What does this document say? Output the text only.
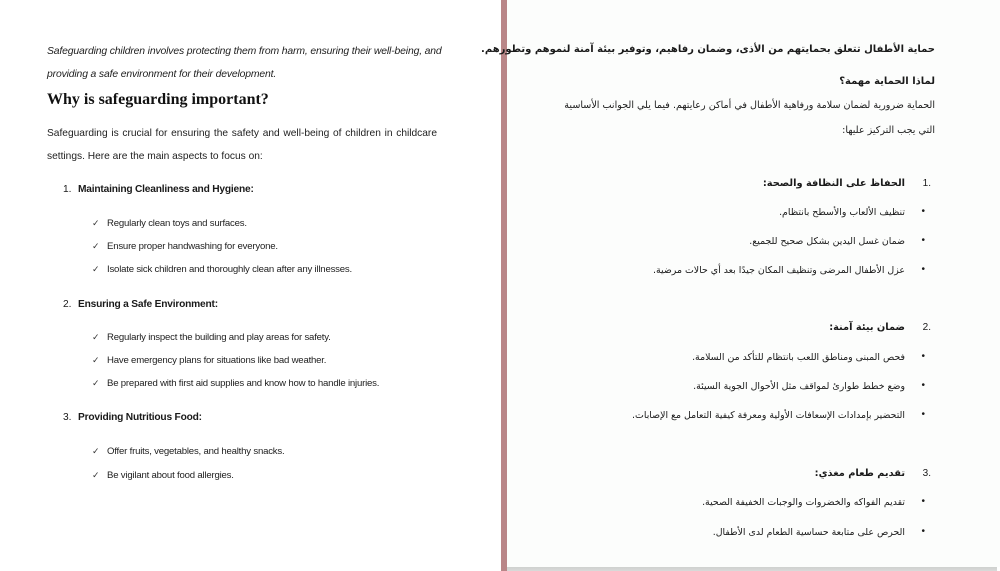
Safeguarding children involves protecting them from harm, ensuring their well-being, and providing a safe environment for their development.

Why is safeguarding important?

Safeguarding is crucial for ensuring the safety and well-being of children in childcare settings. Here are the main aspects to focus on:

1. Maintaining Cleanliness and Hygiene:
✓ Regularly clean toys and surfaces.
✓ Ensure proper handwashing for everyone.
✓ Isolate sick children and thoroughly clean after any illnesses.
2. Ensuring a Safe Environment:
✓ Regularly inspect the building and play areas for safety.
✓ Have emergency plans for situations like bad weather.
✓ Be prepared with first aid supplies and know how to handle injuries.
3. Providing Nutritious Food:
✓ Offer fruits, vegetables, and healthy snacks.
✓ Be vigilant about food allergies.

حماية الأطفال تتعلق بحمايتهم من الأذى، وضمان رفاهيم، وتوفير بيئة آمنة لنموهم وتطورهم.

لماذا الحماية مهمة؟

الحماية ضرورية لضمان سلامة ورفاهية الأطفال في أماكن رعايتهم. فيما يلي الجوانب الأساسية التي يجب التركيز عليها:

1.
الحفاظ على النظافة والصحة:
•
تنظيف الألعاب والأسطح بانتظام.
•
ضمان غسل اليدين بشكل صحيح للجميع.
•
عزل الأطفال المرضى وتنظيف المكان جيدًا بعد أي حالات مرضية.
2.
ضمان بيئة آمنة:
•
فحص المبنى ومناطق اللعب بانتظام للتأكد من السلامة.
•
وضع خطط طوارئ لمواقف مثل الأحوال الجوية السيئة.
•
التحضير بإمدادات الإسعافات الأولية ومعرفة كيفية التعامل مع الإصابات.
3.
تقديم طعام مغذي:
•
تقديم الفواكه والخضروات والوجبات الخفيفة الصحية.
•
الحرص على متابعة حساسية الطعام لدى الأطفال.
